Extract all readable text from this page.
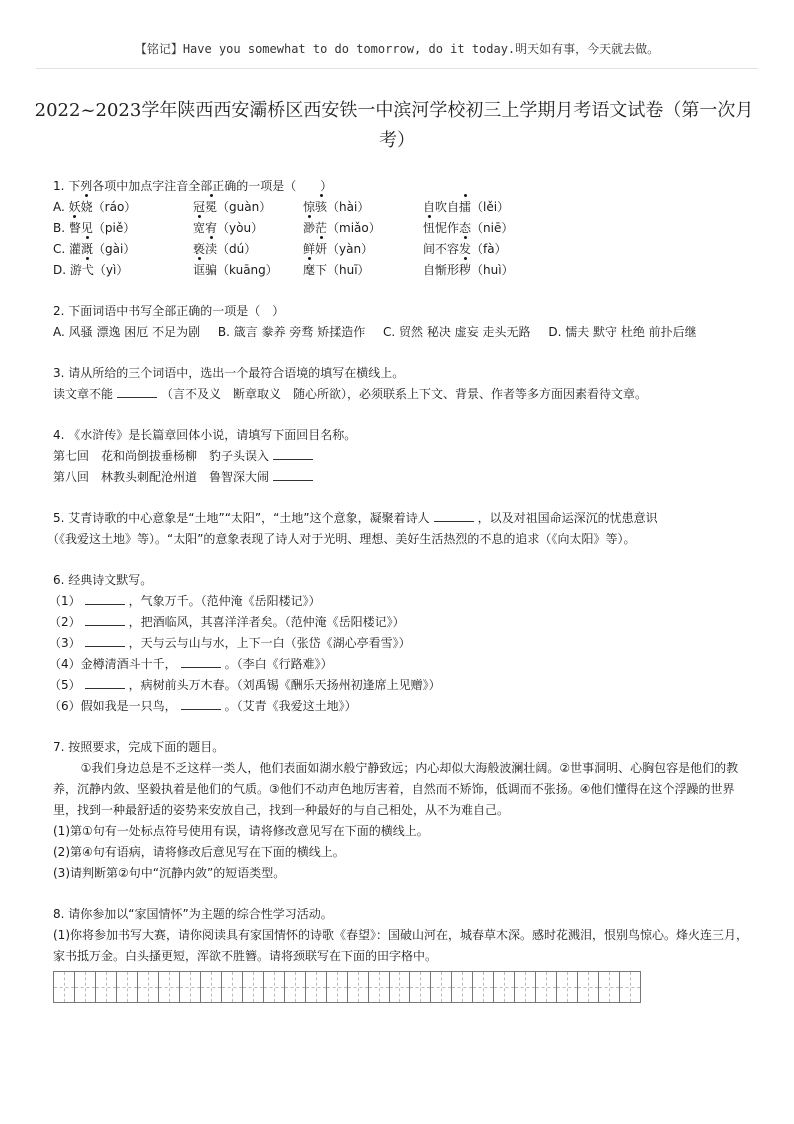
【铭记】Have you somewhat to do tomorrow, do it today.明天如有事，今天就去做。
2022~2023学年陕西西安灞桥区西安铁一中滨河学校初三上学期月考语文试卷（第一次月
考）
1. 下列各项中加点字注音全部正确的一项是（　　）
A. 妖娆（ráo）	冠冕（guàn）	惊骇（hài）	自吹自擂（lěi）
B. 瞥见（piě）	宽宥（yòu）	渺茫（miǎo）	忸怩作态（niē）
C. 灌溉（gài）	亵渎（dú）	鲜妍（yàn）	间不容发（fà）
D. 游弋（yì）	诓骗（kuāng）	麾下（huī）	自惭形秽（huì）
2. 下面词语中书写全部正确的一项是（　）
A. 风骚 漂逸 困厄 不足为剧 B. 箴言 豢养 旁骛 矫揉造作 C. 贸然 秘决 虚妄 走头无路 D. 懦夫 默守 杜绝 前扑后继
3. 请从所给的三个词语中，选出一个最符合语境的填写在横线上。
读文章不能	（言不及义　断章取义　随心所欲），必须联系上下文、背景、作者等多方面因素看待文章。
4. 《水浒传》是长篇章回体小说，请填写下面回目名称。
第七回　花和尚倒拔垂杨柳　豹子头误入
第八回　林教头刺配沧州道　鲁智深大闹
5. 艾青诗歌的中心意象是“土地”“太阳”，“土地”这个意象，凝聚着诗人	，以及对祖国命运深沉的忧患意识
（《我爱这土地》等）。“太阳”的意象表现了诗人对于光明、理想、美好生活热烈的不息的追求（《向太阳》等）。
6. 经典诗文默写。
（1）	，气象万千。（范仲淹《岳阳楼记》）
（2）	，把酒临风，其喜洋洋者矣。（范仲淹《岳阳楼记》）
（3）	，天与云与山与水，上下一白（张岱《湖心亭看雪》）
（4）金樽清酒斗十千，	。（李白《行路难》）
（5）	，病树前头万木春。（刘禹锡《酬乐天扬州初逢席上见赠》）
（6）假如我是一只鸟，	。（艾青《我爱这土地》）
7. 按照要求，完成下面的题目。
①我们身边总是不乏这样一类人，他们表面如湖水般宁静致远；内心却似大海般波澜壮阔。②世事洞明、心胸包容是他们的教养，沉静内敛、坚毅执着是他们的气质。③他们不动声色地厉害着，自然而不矫饰，低调而不张扬。④他们懂得在这个浮躁的世界里，找到一种最舒适的姿势来安放自己，找到一种最好的与自己相处，从不为难自己。
(1)第①句有一处标点符号使用有误，请将修改意见写在下面的横线上。
(2)第④句有语病，请将修改后意见写在下面的横线上。
(3)请判断第②句中“沉静内敛”的短语类型。
8. 请你参加以“家国情怀”为主题的综合性学习活动。
(1)你将参加书写大赛，请你阅读具有家国情怀的诗歌《春望》：国破山河在，城春草木深。感时花溅泪，恨别鸟惊心。烽火连三月，家书抵万金。白头搔更短，浑欲不胜簪。请将颈联写在下面的田字格中。
